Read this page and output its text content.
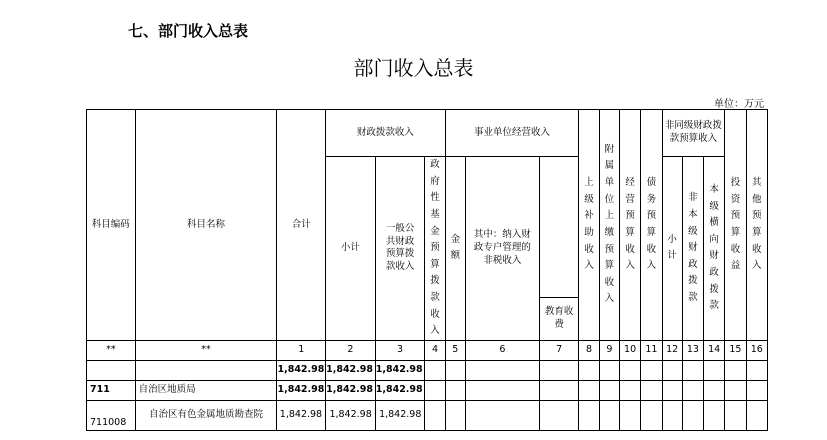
七、部门收入总表
部门收入总表
单位：万元
科目编码	科目名称	合计	财政拨款收入			事业单位经营收入			上级补助收入	附属单位上缴预算收入	经营预算收入	债务预算收入	非同级财政拨款预算收入			投资预算收益	其他预算收入
			小计	一般公共财政预算拨款收入	政府性基金预算拨款收入	金额	其中：纳入财政专户管理的非税收入						小计	非本级财政拨款	本级横向财政拨款		
								教育收费									
**	**	1	2	3	4	5	6	7	8	9	10	11	12	13	14	15	16
		1,842.98	1,842.98	1,842.98													
711	自治区地质局	1,842.98	1,842.98	1,842.98													
711008	自治区有色金属地质勘查院	1,842.98	1,842.98	1,842.98													
